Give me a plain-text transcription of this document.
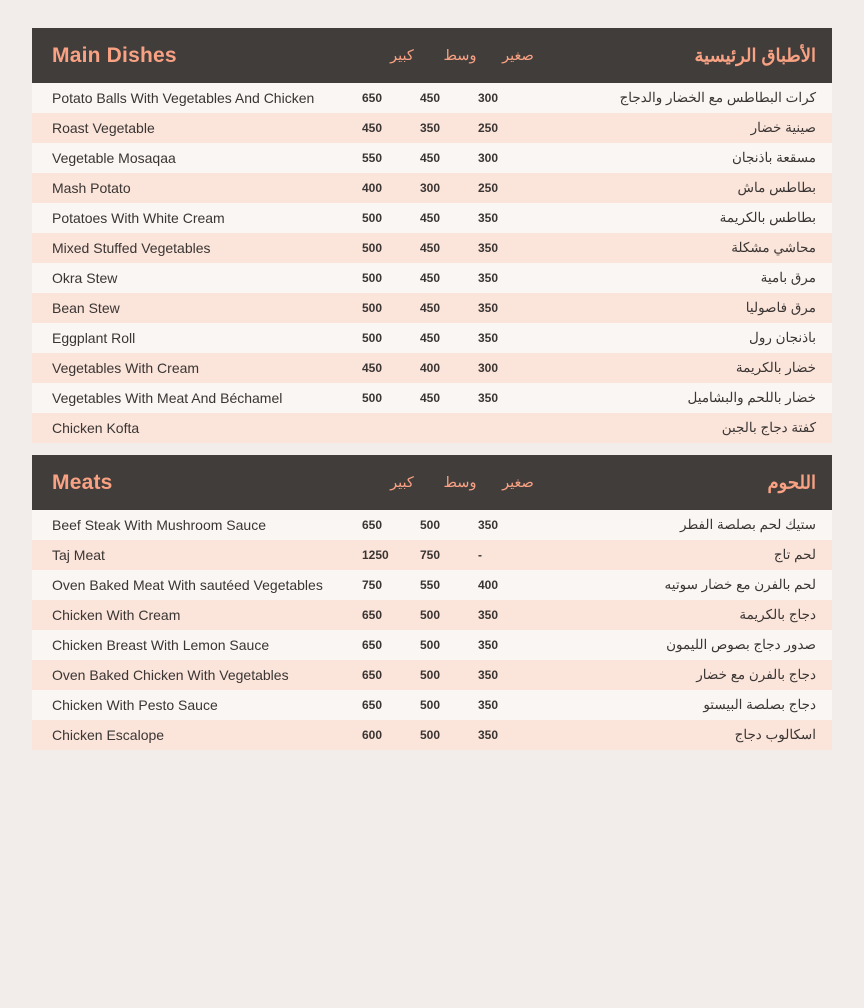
Main Dishes	الأطباق الرئيسية
كبير	وسط	صغير
Potato Balls With Vegetables And Chicken	650	450	300	كرات البطاطس مع الخضار والدجاج
Roast Vegetable	450	350	250	صينية خضار
Vegetable Mosaqaa	550	450	300	مسقعة باذنجان
Mash Potato	400	300	250	بطاطس ماش
Potatoes With White Cream	500	450	350	بطاطس بالكريمة
Mixed Stuffed Vegetables	500	450	350	محاشي مشكلة
Okra Stew	500	450	350	مرق بامية
Bean Stew	500	450	350	مرق فاصوليا
Eggplant Roll	500	450	350	باذنجان رول
Vegetables With Cream	450	400	300	خضار بالكريمة
Vegetables With Meat And Béchamel	500	450	350	خضار باللحم والبشاميل
Chicken Kofta	كفتة دجاج بالجبن
Meats	اللحوم
كبير	وسط	صغير
Beef Steak With Mushroom Sauce	650	500	350	ستيك لحم بصلصة الفطر
Taj Meat	1250	750	-	لحم تاج
Oven Baked Meat With sautéed Vegetables	750	550	400	لحم بالفرن مع خضار سوتيه
Chicken With Cream	650	500	350	دجاج بالكريمة
Chicken Breast With Lemon Sauce	650	500	350	صدور دجاج بصوص الليمون
Oven Baked Chicken With Vegetables	650	500	350	دجاج بالفرن مع خضار
Chicken With Pesto Sauce	650	500	350	دجاج بصلصة البيستو
Chicken Escalope	600	500	350	اسكالوب دجاج
